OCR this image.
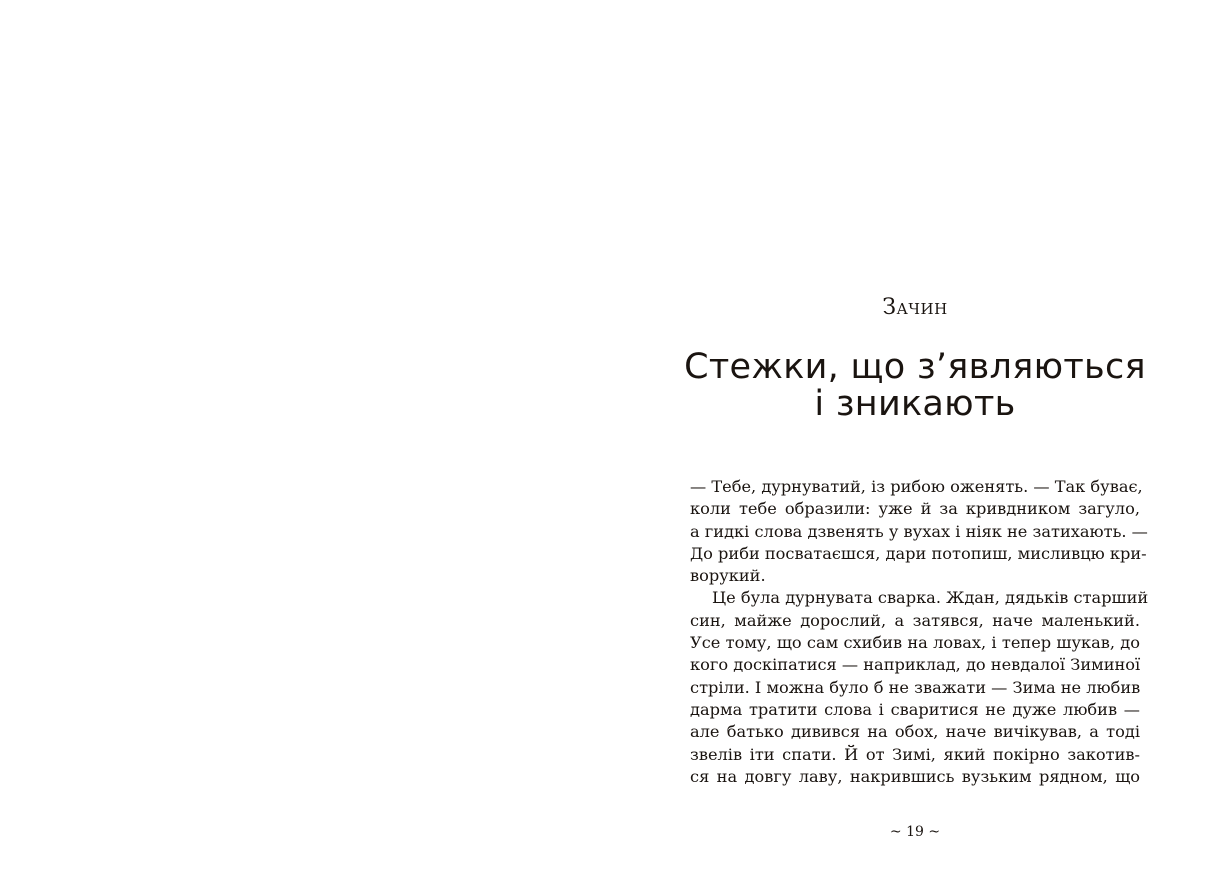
Зачин
Стежки, що з’являються
і зникають
— Тебе, дурнуватий, із рибою оженять. — Так буває,
коли тебе образили: уже й за кривдником загуло,
а гидкі слова дзвенять у вухах і ніяк не затихають. —
До риби посватаєшся, дари потопиш, мисливцю кри-
ворукий.
Це була дурнувата сварка. Ждан, дядьків старший
син, майже дорослий, а затявся, наче маленький.
Усе тому, що сам схибив на ловах, і тепер шукав, до
кого доскіпатися — наприклад, до невдалої Зиминої
стріли. І можна було б не зважати — Зима не любив
дарма тратити слова і сваритися не дуже любив —
але батько дивився на обох, наче вичікував, а тоді
звелів іти спати. Й от Зимі, який покірно закотив-
ся на довгу лаву, накрившись вузьким рядном, що
~ 19 ~
